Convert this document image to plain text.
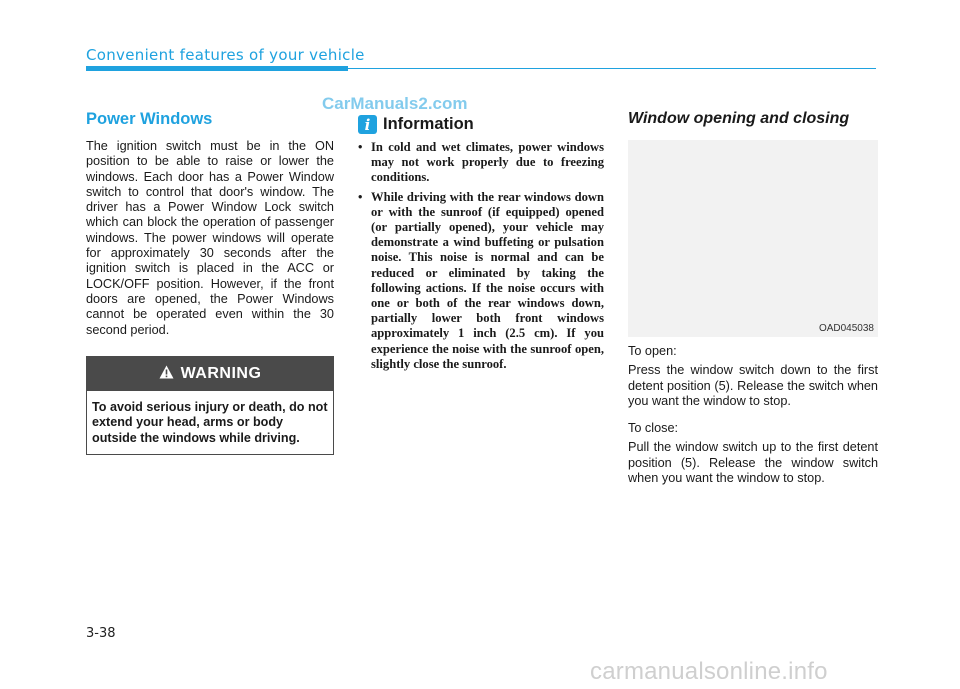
Convenient features of your vehicle
CarManuals2.com
Power Windows

The ignition switch must be in the ON position to be able to raise or lower the windows. Each door has a Power Window switch to control that door's window. The driver has a Power Window Lock switch which can block the operation of passenger windows. The power windows will operate for approximately 30 seconds after the ignition switch is placed in the ACC or LOCK/OFF position. However, if the front doors are opened, the Power Windows cannot be operated even within the 30 second period.

WARNING
To avoid serious injury or death, do not extend your head, arms or body outside the windows while driving.
i Information
• In cold and wet climates, power windows may not work properly due to freezing conditions.
• While driving with the rear windows down or with the sunroof (if equipped) opened (or partially opened), your vehicle may demonstrate a wind buffeting or pulsation noise. This noise is normal and can be reduced or eliminated by taking the following actions. If the noise occurs with one or both of the rear windows down, partially lower both front windows approximately 1 inch (2.5 cm). If you experience the noise with the sunroof open, slightly close the sunroof.
Window opening and closing
OAD045038

To open:

Press the window switch down to the first detent position (5). Release the switch when you want the window to stop.

To close:

Pull the window switch up to the first detent position (5). Release the window switch when you want the window to stop.

3-38
carmanualsonline.info
